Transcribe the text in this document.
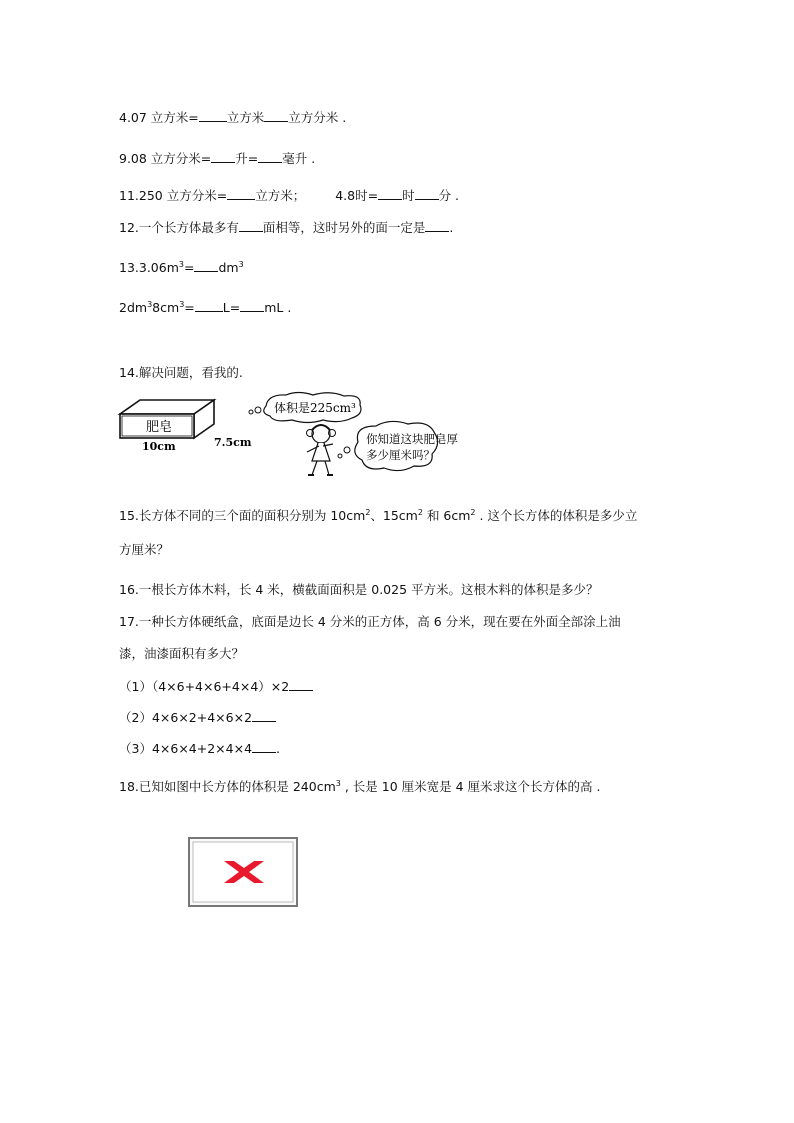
4.07 立方米= 立方米 立方分米 .
9.08 立方分米= 升= 毫升 .
11.250 立方分米= 立方米； 4.8时= 时 分 .
12.一个长方体最多有 面相等，这时另外的面一定是 .
$13.3.06m^3= dm^3$
$2dm^38cm^3= L=$ mL .
14.解决问题，看我的.
肥皂
10cm	7.5cm
体积是225cm³
你知道这块肥皂厚
多少厘米吗？
15.长方体不同的三个面的面积分别为 $10cm^2$、$15cm^2$ 和 $6cm^2$ . 这个长方体的体积是多少立
方厘米？
16.一根长方体木料，长 4 米，横截面面积是 0.025 平方米。这根木料的体积是多少？
17.一种长方体硬纸盒，底面是边长 4 分米的正方体，高 6 分米，现在要在外面全部涂上油
漆，油漆面积有多大？
（1）（4×6+4×6+4×4）×2
（2）4×6×2+4×6×2
（3）4×6×4+2×4×4 .
18.已知如图中长方体的体积是 $240cm^3$ , 长是 10 厘米宽是 4 厘米求这个长方体的高 .
